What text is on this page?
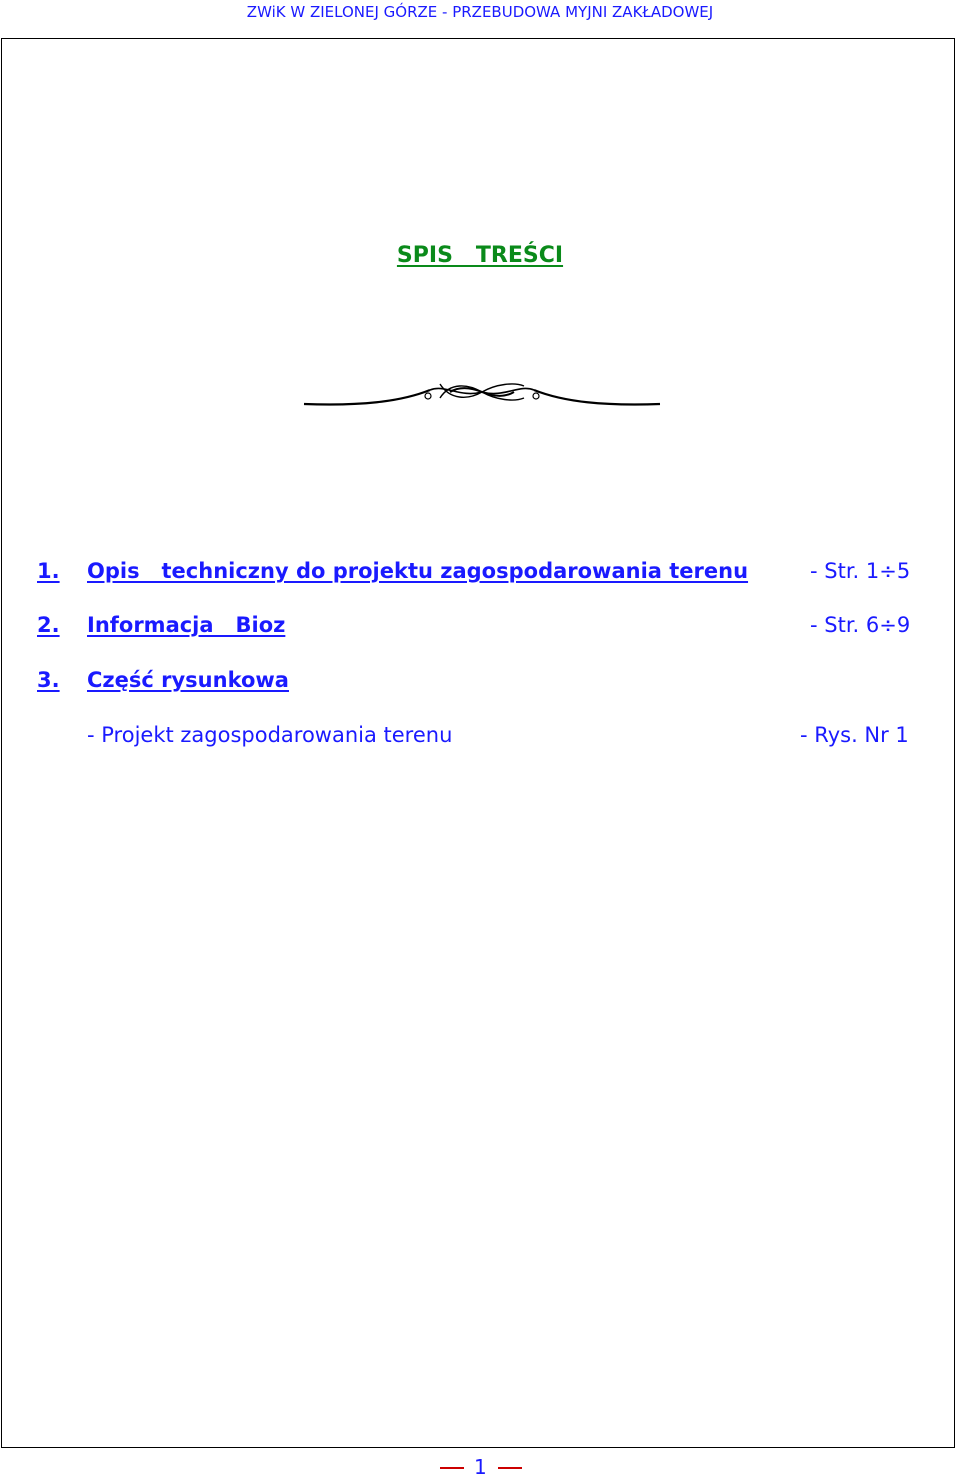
ZWiK W ZIELONEJ GÓRZE - PRZEBUDOWA MYJNI ZAKŁADOWEJ
SPIS   TREŚCI
1. Opis   techniczny do projektu zagospodarowania terenu	- Str. 1÷5
2. Informacja   Bioz	- Str. 6÷9
3. Część rysunkowa
- Projekt zagospodarowania terenu	- Rys. Nr 1
1
